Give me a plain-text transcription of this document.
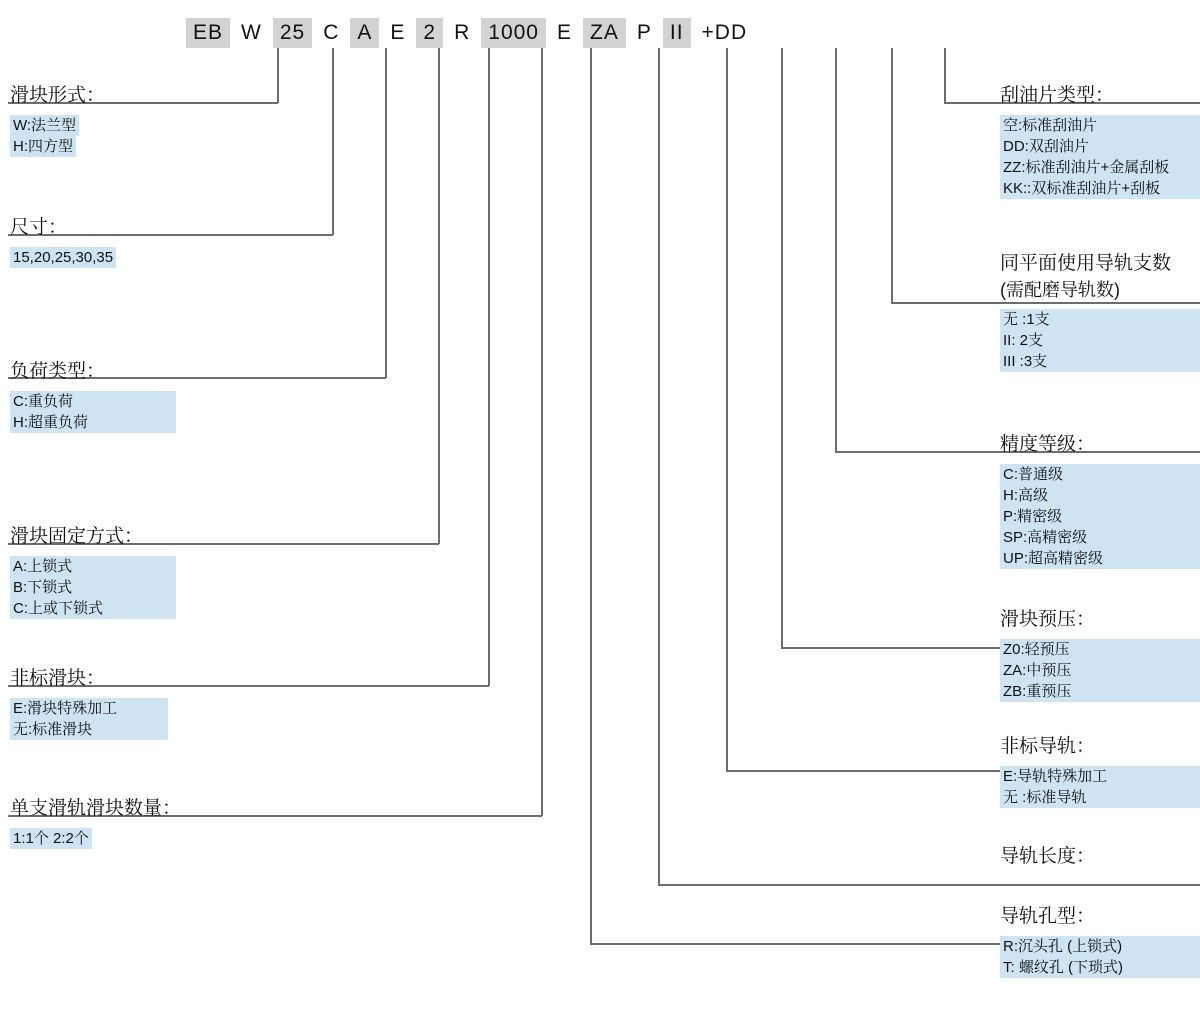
EB W 25 C A E 2 R 1000 E ZA P II +DD
滑块形式：
W:法兰型
H:四方型
尺寸：
15,20,25,30,35
负荷类型：
C:重负荷
H:超重负荷
滑块固定方式：
A:上锁式
B:下锁式
C:上或下锁式
非标滑块：
E:滑块特殊加工
无:标准滑块
单支滑轨滑块数量：
1:1个 2:2个
刮油片类型：
空:标准刮油片
DD:双刮油片
ZZ:标准刮油片+金属刮板
KK::双标准刮油片+刮板
同平面使用导轨支数
(需配磨导轨数)
无 :1支
II: 2支
III :3支
精度等级：
C:普通级
H:高级
P:精密级
SP:高精密级
UP:超高精密级
滑块预压：
Z0:轻预压
ZA:中预压
ZB:重预压
非标导轨：
E:导轨特殊加工
无 :标准导轨
导轨长度：
导轨孔型：
R:沉头孔 (上锁式)
T: 螺纹孔 (下琐式)
